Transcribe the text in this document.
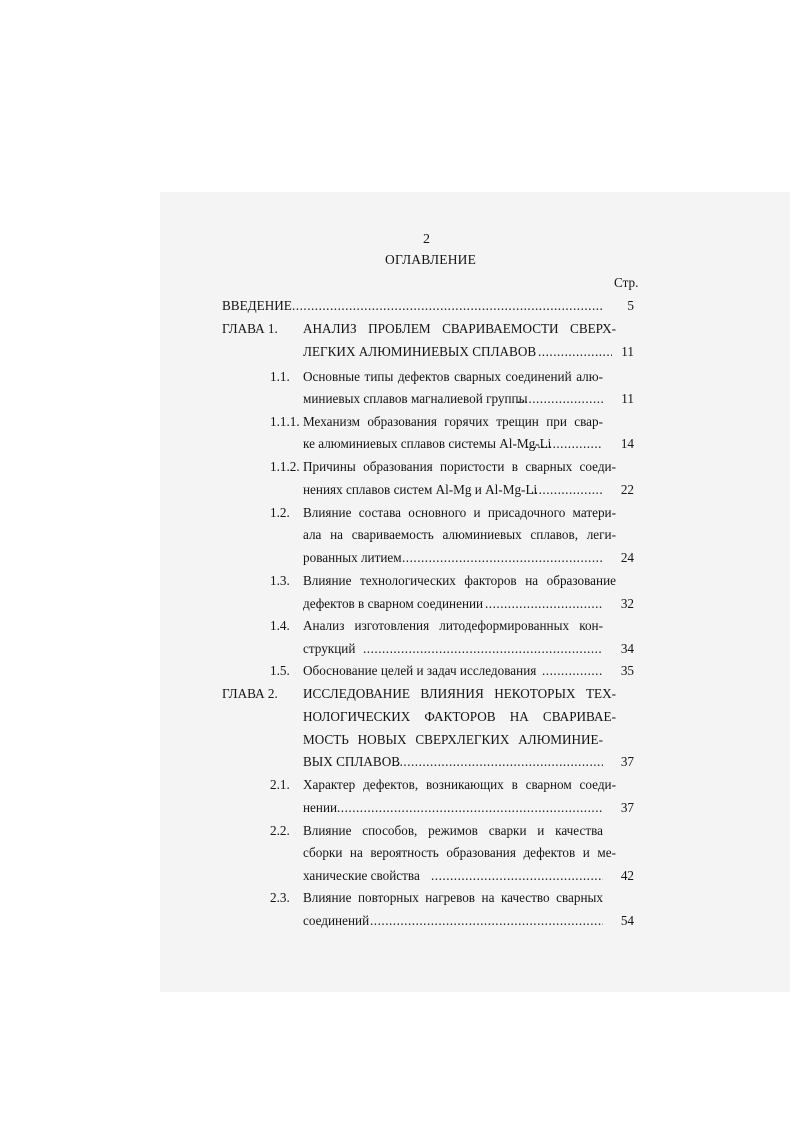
2
ОГЛАВЛЕНИЕ
Стр.
ВВЕДЕНИЕ .....	5
ГЛАВА 1. АНАЛИЗ ПРОБЛЕМ СВАРИВАЕМОСТИ СВЕРХ-
ЛЕГКИХ АЛЮМИНИЕВЫХ СПЛАВОВ .....	11
1.1. Основные типы дефектов сварных соединений алю-
миниевых сплавов магналиевой группы .....	11
1.1.1. Механизм образования горячих трещин при свар-
ке алюминиевых сплавов системы Al-Mg-Li .....	14
1.1.2. Причины образования пористости в сварных соеди-
нениях сплавов систем Al-Mg и Al-Mg-Li .....	22
1.2. Влияние состава основного и присадочного матери-
ала на свариваемость алюминиевых сплавов, леги-
рованных литием .....	24
1.3. Влияние технологических факторов на образование
дефектов в сварном соединении .....	32
1.4. Анализ изготовления литодеформированных кон-
струкций .....	34
1.5. Обоснование целей и задач исследования .....	35
ГЛАВА 2. ИССЛЕДОВАНИЕ ВЛИЯНИЯ НЕКОТОРЫХ ТЕХ-
НОЛОГИЧЕСКИХ ФАКТОРОВ НА СВАРИВАЕ-
МОСТЬ НОВЫХ СВЕРХЛЕГКИХ АЛЮМИНИЕ-
ВЫХ СПЛАВОВ .....	37
2.1. Характер дефектов, возникающих в сварном соеди-
нении .....	37
2.2. Влияние способов, режимов сварки и качества
сборки на вероятность образования дефектов и ме-
ханические свойства .....	42
2.3. Влияние повторных нагревов на качество сварных
соединений .....	54
